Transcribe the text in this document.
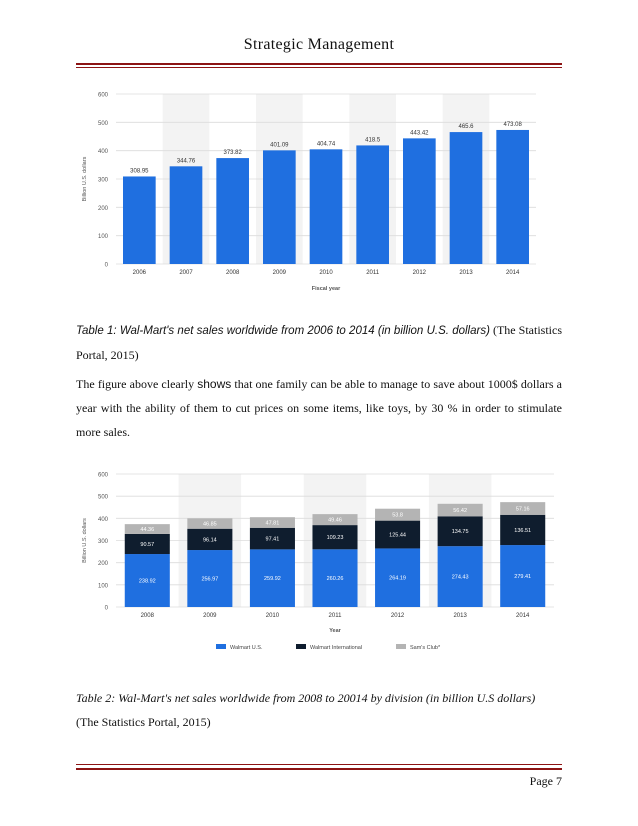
Strategic Management
308.95
344.76
373.82
401.09	404.74
418.5
443.42
465.6	473.08
0
100
200
300
400
500
600
Billion U.S. dollars
2006	2007	2008	2009	2010	2011	2012	2013	2014
Fiscal year
Table 1: Wal-Mart's net sales worldwide from 2006 to 2014 (in billion U.S. dollars) (The Statistics Portal, 2015)
The figure above clearly shows that one family can be able to manage to save about 1000$ dollars a year with the ability of them to cut prices on some items, like toys, by 30 % in order to stimulate more sales.
238.92
90.57
44.36
256.97
96.14
46.85
259.92
97.41
47.81
260.26
109.23
49.46
264.19
125.44
53.8
274.43
134.75
56.42
279.41
136.51
57.16
0
100
200
300
400
500
600
Billion U.S. dollars
2008	2009	2010	2011	2012	2013	2014
Year
Walmart U.S.	Walmart International	Sam's Club*
Table 2: Wal-Mart's net sales worldwide from 2008 to 20014 by division (in billion U.S dollars)
(The Statistics Portal, 2015)
Page 7
